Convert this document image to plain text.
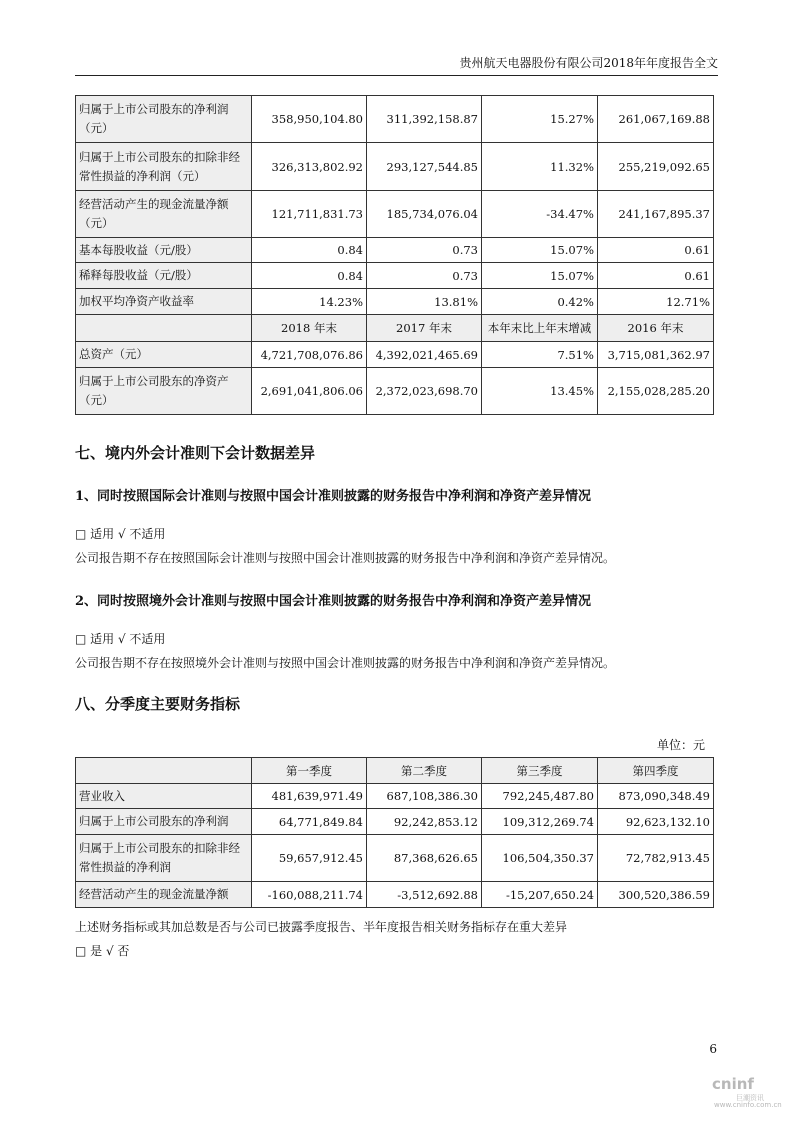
贵州航天电器股份有限公司2018年年度报告全文
归属于上市公司股东的净利润（元）	358,950,104.80	311,392,158.87	15.27%	261,067,169.88
归属于上市公司股东的扣除非经常性损益的净利润（元）	326,313,802.92	293,127,544.85	11.32%	255,219,092.65
经营活动产生的现金流量净额（元）	121,711,831.73	185,734,076.04	-34.47%	241,167,895.37
基本每股收益（元/股）	0.84	0.73	15.07%	0.61
稀释每股收益（元/股）	0.84	0.73	15.07%	0.61
加权平均净资产收益率	14.23%	13.81%	0.42%	12.71%
	2018 年末	2017 年末	本年末比上年末增减	2016 年末
总资产（元）	4,721,708,076.86	4,392,021,465.69	7.51%	3,715,081,362.97
归属于上市公司股东的净资产（元）	2,691,041,806.06	2,372,023,698.70	13.45%	2,155,028,285.20
七、境内外会计准则下会计数据差异
1、同时按照国际会计准则与按照中国会计准则披露的财务报告中净利润和净资产差异情况
□ 适用 √ 不适用
公司报告期不存在按照国际会计准则与按照中国会计准则披露的财务报告中净利润和净资产差异情况。
2、同时按照境外会计准则与按照中国会计准则披露的财务报告中净利润和净资产差异情况
□ 适用 √ 不适用
公司报告期不存在按照境外会计准则与按照中国会计准则披露的财务报告中净利润和净资产差异情况。
八、分季度主要财务指标
单位：元
	第一季度	第二季度	第三季度	第四季度
营业收入	481,639,971.49	687,108,386.30	792,245,487.80	873,090,348.49
归属于上市公司股东的净利润	64,771,849.84	92,242,853.12	109,312,269.74	92,623,132.10
归属于上市公司股东的扣除非经常性损益的净利润	59,657,912.45	87,368,626.65	106,504,350.37	72,782,913.45
经营活动产生的现金流量净额	-160,088,211.74	-3,512,692.88	-15,207,650.24	300,520,386.59
上述财务指标或其加总数是否与公司已披露季度报告、半年度报告相关财务指标存在重大差异
□ 是 √ 否
6
cninf
巨潮资讯
www.cninfo.com.cn
